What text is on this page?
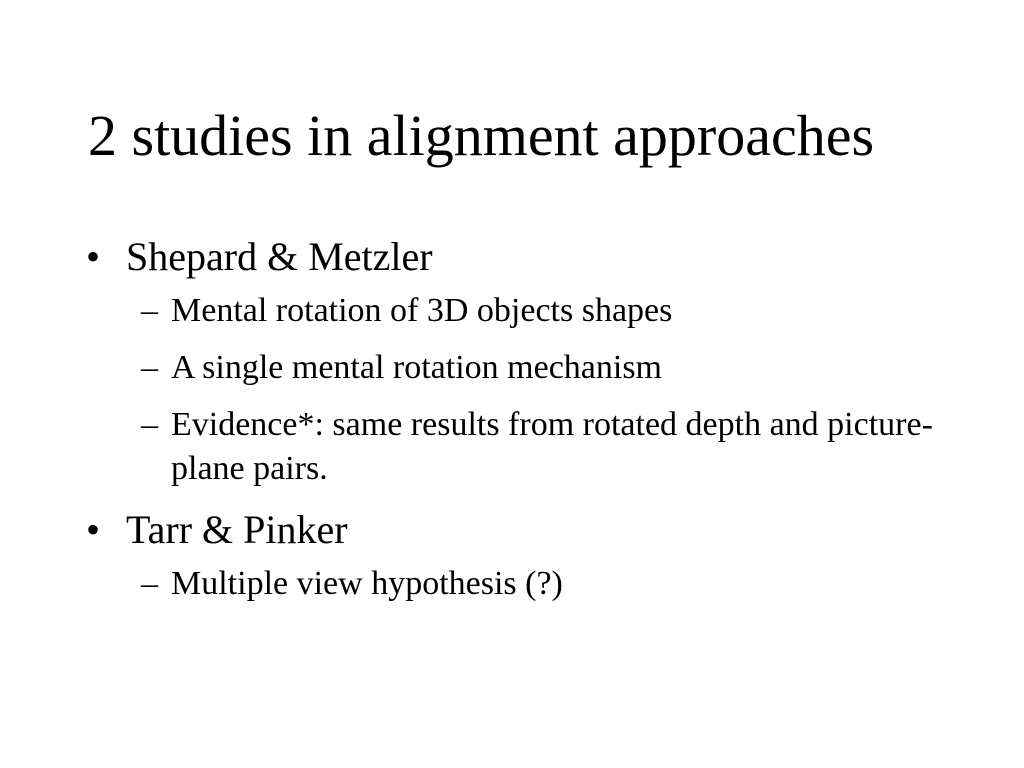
2 studies in alignment approaches
• Shepard & Metzler
– Mental rotation of 3D objects shapes
– A single mental rotation mechanism
– Evidence*: same results from rotated depth and picture-plane pairs.
• Tarr & Pinker
– Multiple view hypothesis (?)
